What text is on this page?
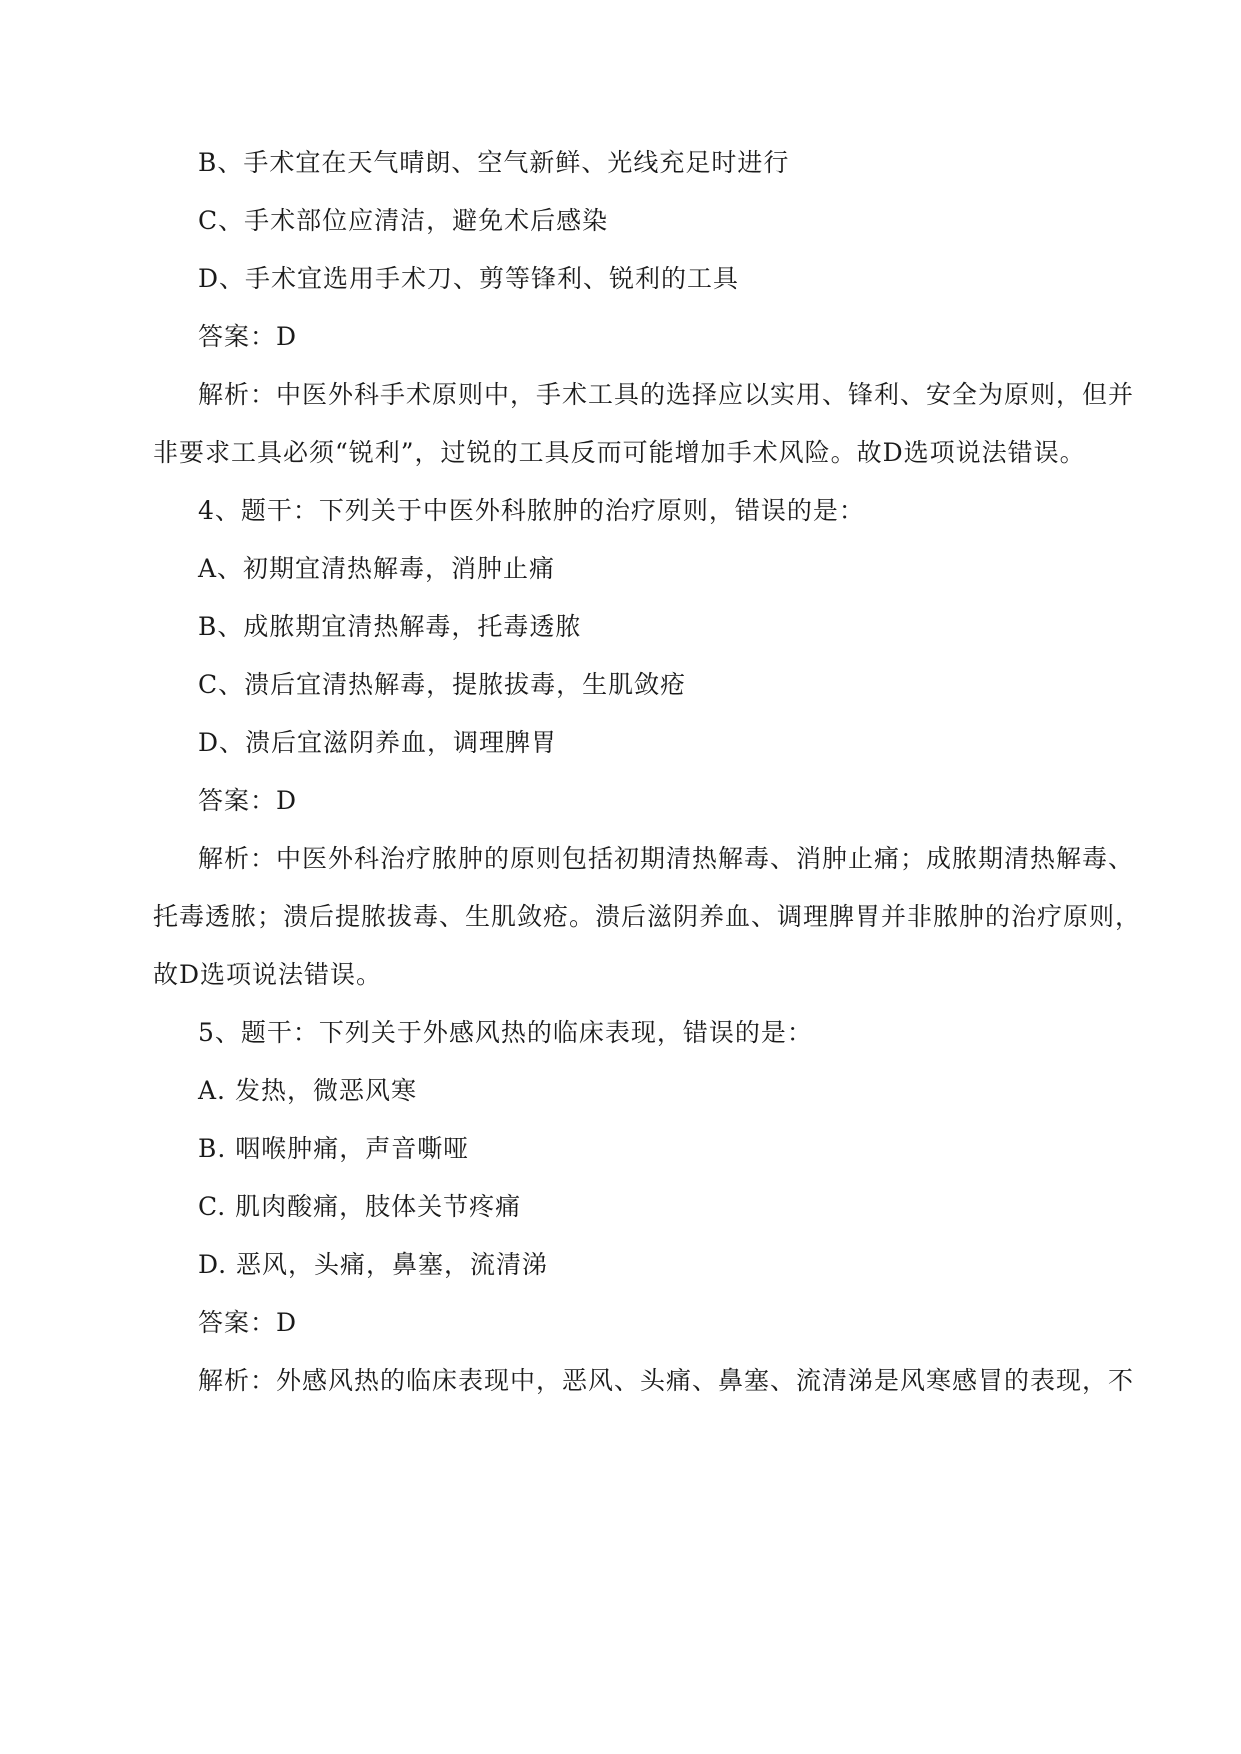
B、手术宜在天气晴朗、空气新鲜、光线充足时进行
C、手术部位应清洁，避免术后感染
D、手术宜选用手术刀、剪等锋利、锐利的工具
答案：D
解析：中医外科手术原则中，手术工具的选择应以实用、锋利、安全为原则，但并
非要求工具必须“锐利”，过锐的工具反而可能增加手术风险。故D选项说法错误。
4、题干：下列关于中医外科脓肿的治疗原则，错误的是：
A、初期宜清热解毒，消肿止痛
B、成脓期宜清热解毒，托毒透脓
C、溃后宜清热解毒，提脓拔毒，生肌敛疮
D、溃后宜滋阴养血，调理脾胃
答案：D
解析：中医外科治疗脓肿的原则包括初期清热解毒、消肿止痛；成脓期清热解毒、
托毒透脓；溃后提脓拔毒、生肌敛疮。溃后滋阴养血、调理脾胃并非脓肿的治疗原则，
故D选项说法错误。
5、题干：下列关于外感风热的临床表现，错误的是：
A. 发热，微恶风寒
B. 咽喉肿痛，声音嘶哑
C. 肌肉酸痛，肢体关节疼痛
D. 恶风，头痛，鼻塞，流清涕
答案：D
解析：外感风热的临床表现中，恶风、头痛、鼻塞、流清涕是风寒感冒的表现，不
